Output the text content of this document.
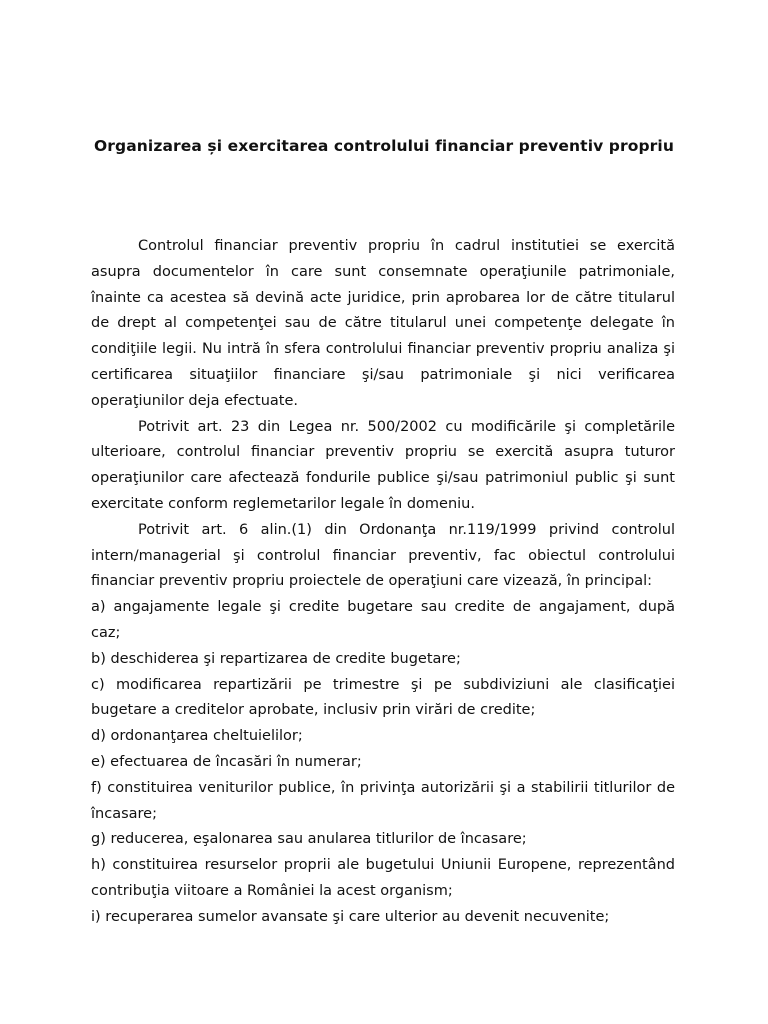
Organizarea și exercitarea controlului financiar preventiv propriu

Controlul financiar preventiv propriu în cadrul institutiei se exercită asupra documentelor în care sunt consemnate operaţiunile patrimoniale, înainte ca acestea să devină acte juridice, prin aprobarea lor de către titularul de drept al competenţei sau de către titularul unei competenţe delegate în condiţiile legii. Nu intră în sfera controlului financiar preventiv propriu analiza şi certificarea situaţiilor financiare şi/sau patrimoniale şi nici verificarea operaţiunilor deja efectuate.

Potrivit art. 23 din Legea nr. 500/2002 cu modificările şi completările ulterioare, controlul financiar preventiv propriu se exercită asupra tuturor operaţiunilor care afectează fondurile publice şi/sau patrimoniul public şi sunt exercitate conform reglemetarilor legale în domeniu.

Potrivit art. 6 alin.(1) din Ordonanţa nr.119/1999 privind controlul intern/managerial şi controlul financiar preventiv, fac obiectul controlului financiar preventiv propriu proiectele de operaţiuni care vizează, în principal:

a) angajamente legale şi credite bugetare sau credite de angajament, după caz;

b) deschiderea şi repartizarea de credite bugetare;

c) modificarea repartizării pe trimestre şi pe subdiviziuni ale clasificaţiei bugetare a creditelor aprobate, inclusiv prin virări de credite;

d) ordonanţarea cheltuielilor;

e) efectuarea de încasări în numerar;

f) constituirea veniturilor publice, în privinţa autorizării şi a stabilirii titlurilor de încasare;

g) reducerea, eşalonarea sau anularea titlurilor de încasare;

h) constituirea resurselor proprii ale bugetului Uniunii Europene, reprezentând contribuţia viitoare a României la acest organism;

i) recuperarea sumelor avansate şi care ulterior au devenit necuvenite;
